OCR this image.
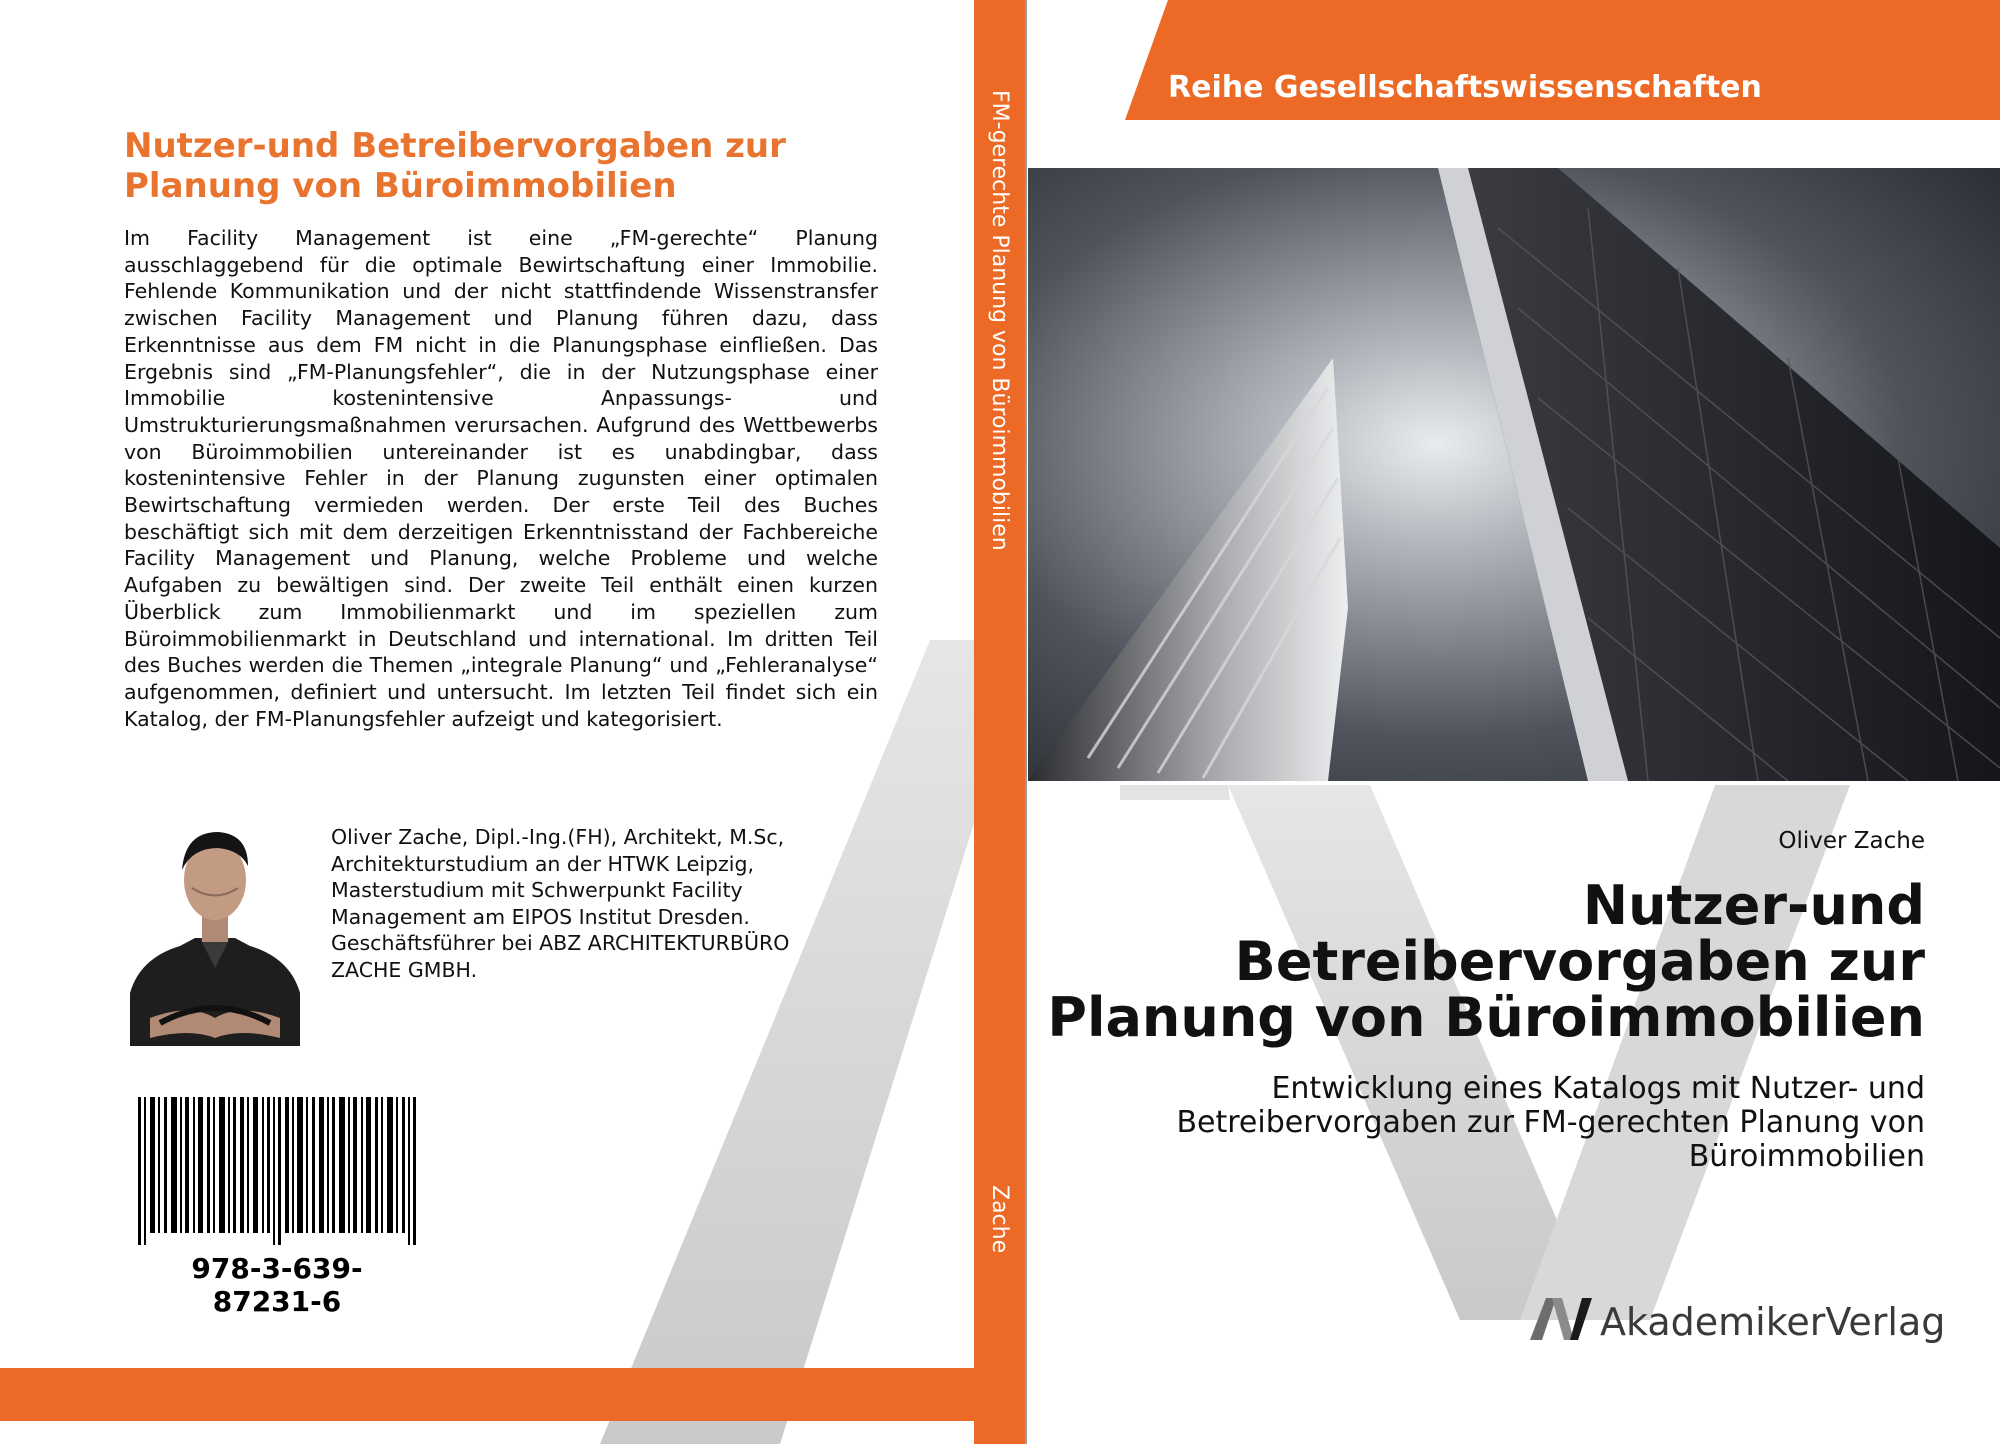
Nutzer-und Betreibervorgaben zur Planung von Büroimmobilien

Im Facility Management ist eine „FM-gerechte“ Planung ausschlaggebend für die optimale Bewirtschaftung einer Immobilie. Fehlende Kommunikation und der nicht stattfindende Wissenstransfer zwischen Facility Management und Planung führen dazu, dass Erkenntnisse aus dem FM nicht in die Planungsphase einfließen. Das Ergebnis sind „FM-Planungsfehler“, die in der Nutzungsphase einer Immobilie kostenintensive Anpassungs- und Umstrukturierungsmaßnahmen verursachen. Aufgrund des Wettbewerbs von Büroimmobilien untereinander ist es unabdingbar, dass kostenintensive Fehler in der Planung zugunsten einer optimalen Bewirtschaftung vermieden werden. Der erste Teil des Buches beschäftigt sich mit dem derzeitigen Erkenntnisstand der Fachbereiche Facility Management und Planung, welche Probleme und welche Aufgaben zu bewältigen sind. Der zweite Teil enthält einen kurzen Überblick zum Immobilienmarkt und im speziellen zum Büroimmobilienmarkt in Deutschland und international. Im dritten Teil des Buches werden die Themen „integrale Planung“ und „Fehleranalyse“ aufgenommen, definiert und untersucht. Im letzten Teil findet sich ein Katalog, der FM-Planungsfehler aufzeigt und kategorisiert.

Oliver Zache, Dipl.-Ing.(FH), Architekt, M.Sc,
Architekturstudium an der HTWK Leipzig,
Masterstudium mit Schwerpunkt Facility
Management am EIPOS Institut Dresden.
Geschäftsführer bei ABZ ARCHITEKTURBÜRO
ZACHE GMBH.

978-3-639-87231-6
FM-gerechte Planung von Büroimmobilien
Zache
Reihe Gesellschaftswissenschaften
Oliver Zache
Nutzer-und Betreibervorgaben zur Planung von Büroimmobilien

Entwicklung eines Katalogs mit Nutzer- und Betreibervorgaben zur FM-gerechten Planung von Büroimmobilien

AkademikerVerlag
